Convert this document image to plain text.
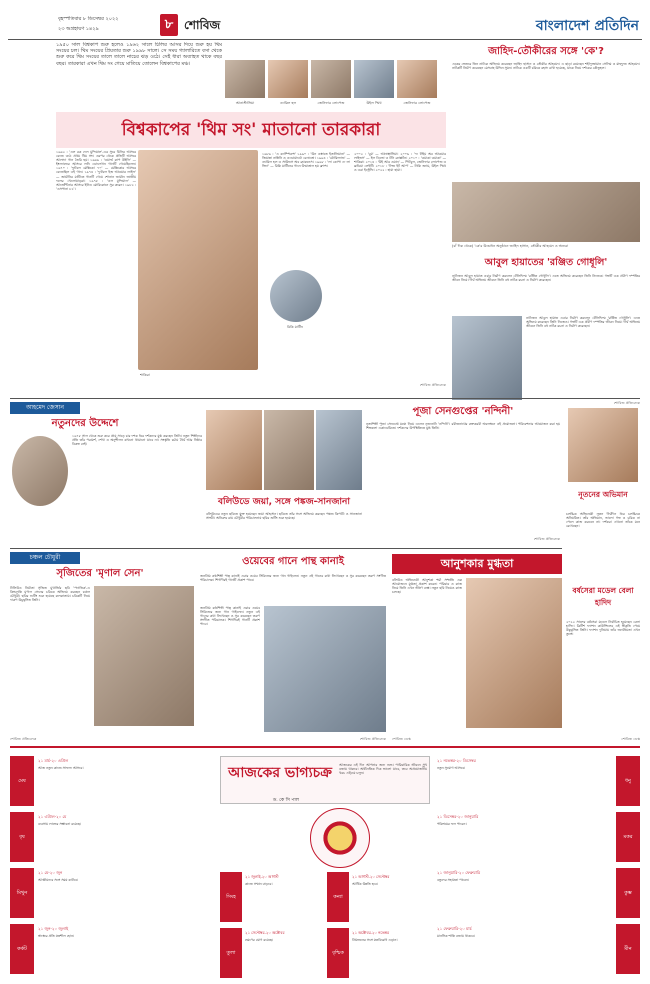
বৃহস্পতিবার ৮ ডিসেম্বর ২০২২
২৩ অগ্রহায়ণ ১৪২৯	৮ শোবিজ	বাংলাদেশ প্রতিদিন
১৯৫০ সাল বিশ্বকাপ শুরু হলেও ১৯৬২ সালে চিলির আসর দিয়ে শুরু হয় থিম সংয়ের চল। থিম সংয়ের প্রিয়তার শুরু ১৯৯৮ সালে। সে সময় গ্যালারিতে বসা থেকে শুরু করে থিম সংয়ের তালে তালে নাচের ঝড় ওঠে। সেই ধারা অব্যাহত থাকে বছর বছর। তারকারা এখন থিম সং গেয়ে মাতিয়ে তোলেন বিশ্বকাপের মঞ্চ।
আনাস্টাসিয়া	ড্যারিল হল	জেনিফার লোপেজ	উইল স্মিথ	জেনিফার লোপেজ
বিশ্বকাপের 'থিম সং' মাতানো তারকারা
১৯৬২ : 'এল রক দেল মুন্দিয়াল'-এর সুরে চিলির আসরে বেজে ওঠে প্রথম থিম সং। এরপর থেকে প্রতিটি আসরে আলাদা গান তৈরি হয়। ১৯৬৬ : 'ওয়ার্ল্ড কাপ উইলি' — ইংল্যান্ডের আসরে লনি ডোনেগান গানটি গেয়েছিলেন। ১৯৭০ : 'ফুটবল মেক্সিকো ৭০' — মেক্সিকোর আসরে বেজেছিল এই গান। ১৯৭৪ : 'ফুটবল ইজ আওয়ার লাইফ' — জার্মানির মাটিতে গানটি গেয়ে শোনান জার্মান জাতীয় দলের খেলোয়াড়রা। ১৯৭৮ : 'এল মুন্দিয়াল' — আর্জেন্টিনার আসরে ইনিও মোরিকোনে সুর করেন। ১৯৮২ : 'এসপানা ৮২'।
শাকিরা
১৯৮৬ : 'এ ক্যাম্পিওন্স' ১৯৯০ : 'উন এস্তাতে ইতালিয়ানা' — জিয়ান্না নান্নিনি ও এডোয়ার্ডো বেনাতো। ১৯৯৪ : 'গ্লোরিল্যান্ড' — ড্যারিল হল ও সাউন্ডস অব ব্ল্যাকনেস। ১৯৯৮ : 'লা কোপা দে লা ভিদা' — রিকি মার্টিনের গানে উন্মাতাল হয় ফ্রান্স।
রিকি মার্টিন
২০০২ : 'বুম' — আনাস্তাসিয়া। ২০০৬ : 'দ্য টাইম অব আওয়ার লাইভস' — ইল ডিভো ও টনি ব্র্যাক্সটন। ২০১০ : 'ওয়াকা ওয়াকা' — শাকিরা। ২০১৪ : 'উই আর ওয়ান' — পিটবুল, জেনিফার লোপেজ ও ক্লডিয়া লেইটি। ২০১৮ : 'লিভ ইট আপ' — নিকি জ্যাম, উইল স্মিথ ও এরা ইস্ট্রেফি। ২০২২ : হায়া হায়া।
শোবিজ প্রতিবেদক
জাহিদ-তৌকীরের সঙ্গে 'কে'?
একের ভেতরে তিন নাটকে অভিনয় করেছেন জাহিদ হাসান ও তৌকীর আহমেদ। এ ছাড়া রয়েছেন শহীদুজ্জামান সেলিম ও মাহফুজ আহমেদ। নাটকটি নির্মাণ করেছেন মেসবাহ উদ্দিন সুমন। নাটকে একটি চরিত্রে রহস্য রাখা হয়েছে, যাকে নিয়ে দর্শকের কৌতূহল।
(বাঁ দিক থেকে) 'কে'র উদ্বোধন অনুষ্ঠানে জাহিদ হাসান, তৌকীর আহমেদ ও অন্যরা
আবুল হায়াতের 'রঞ্জিত গোধূলি'
নাট্যজন আবুল হায়াত এবার নির্মাণ করলেন টেলিফিল্ম 'রঞ্জিত গোধূলি'। এতে অভিনয় করেছেন তিনি নিজেও। গল্পটি এক প্রবীণ দম্পতির জীবন নিয়ে। দীর্ঘ অভিনয় জীবনে তিনি বহু নাটক রচনা ও নির্মাণ করেছেন।
নাট্যজন আবুল হায়াত এবার নির্মাণ করলেন টেলিফিল্ম 'রঞ্জিত গোধূলি'। এতে অভিনয় করেছেন তিনি নিজেও। গল্পটি এক প্রবীণ দম্পতির জীবন নিয়ে। দীর্ঘ অভিনয় জীবনে তিনি বহু নাটক রচনা ও নির্মাণ করেছেন।
শোবিজ প্রতিবেদক
আহমেদ জেসান
নতুনদের উদ্দেশে
১৯৭৮ সাল থেকে শুরু করে প্রায় সাড়ে চার দশক ধরে দর্শকদের মুগ্ধ করছেন তিনি। নতুন শিল্পীদের প্রতি তাঁর পরামর্শ, শেখা ও অনুশীলন কখনো থামানো যাবে না। সংস্কৃতি চর্চায় ধৈর্য আর নিষ্ঠার বিকল্প নেই।
বলিউডে জয়া, সঙ্গে পঙ্কজ-সানজানা
বলিউডের নতুন ছবিতে যুক্ত হয়েছেন জয়া আহসান। ছবিতে তাঁর সঙ্গে অভিনয় করছেন পঙ্কজ ত্রিপাঠী ও সানজানা সাংঘী। অনিরুদ্ধ রায় চৌধুরীর পরিচালনায় ছবির শুটিং শুরু হয়েছে।
পূজা সেনগুপ্তের 'নন্দিনী'
নৃত্যশিল্পী পূজা সেনগুপ্ত মঞ্চে নিয়ে এলেন নৃত্যনাট্য 'নন্দিনী'। রবীন্দ্রনাথের রক্তকরবী অবলম্বনে এই প্রযোজনা। পরিবেশনার আয়োজন করা হয় শিল্পকলা একাডেমিতে। দর্শকদের উপস্থিতিতে মুগ্ধ তিনি।
শোবিজ প্রতিবেদক
নূতনের অভিমান
চলচ্চিত্র অভিনেত্রী নূতন দীর্ঘদিন ধরে চলচ্চিত্রে অনিয়মিত। তাঁর অভিমান, ভালো গল্প ও চরিত্র না পেলে কাজ করবেন না। দর্শকরা এখনো তাঁকে মনে রেখেছেন।
চঞ্চল চৌধুরী
সৃজিতের 'মৃণাল সেন'
টালিউড নির্মাতা সৃজিত মুখার্জির ছবি 'পদাতিক'-এ কিংবদন্তি মৃণাল সেনের চরিত্রে অভিনয় করছেন চঞ্চল চৌধুরী। ছবির শুটিং শুরু হয়েছে কলকাতায়। চরিত্রটি নিয়ে দারুণ উচ্ছ্বসিত তিনি।
শোবিজ প্রতিবেদক
ওয়েবের গানে পান্থ কানাই
জনপ্রিয় কণ্ঠশিল্পী পান্থ কানাই এবার ওয়েব সিরিজের জন্য গান গাইলেন। নতুন এই গানের কথা লিখেছেন ও সুর করেছেন তরুণ সংগীত পরিচালক। শিগগিরই গানটি প্রকাশ পাবে।
জনপ্রিয় কণ্ঠশিল্পী পান্থ কানাই এবার ওয়েব সিরিজের জন্য গান গাইলেন। নতুন এই গানের কথা লিখেছেন ও সুর করেছেন তরুণ সংগীত পরিচালক। শিগগিরই গানটি প্রকাশ পাবে।
শোবিজ প্রতিবেদক
আনুশকার মুগ্ধতা
বলিউড অভিনেত্রী আনুশকা শর্মা সম্প্রতি এক আয়োজনে মুগ্ধতা প্রকাশ করেন। পরিবার ও কাজ নিয়ে তিনি এখন ভীষণ ব্যস্ত। নতুন ছবি নিয়েও কাজ চলছে।
শোবিজ ডেস্ক
বর্ষসেরা মডেল বেলা হাদিদ
২০২২ সালের বর্ষসেরা মডেল নির্বাচিত হয়েছেন বেলা হাদিদ। ব্রিটিশ ফ্যাশন কাউন্সিলের এই স্বীকৃতি পেয়ে উচ্ছ্বসিত তিনি। ফ্যাশন দুনিয়ায় তাঁর জনপ্রিয়তা এখন তুঙ্গে।
শোবিজ ডেস্ক
আজকের ভাগ্যচক্র
ড. কে সি পাল
আজকের এই দিন আপনার জন্য শুভ। পারিবারিক জীবনে সুখ বজায় থাকবে। অর্থনৈতিক দিক ভালো যাবে, তবে অপ্রয়োজনীয় খরচ এড়িয়ে চলুন।
মেষ
২১ মার্চ-২০ এপ্রিল
আজ নতুন কাজে সাফল্য আসবে।
বৃষ
২১ এপ্রিল-২০ মে
ব্যবসায় লাভের সম্ভাবনা রয়েছে।
মিথুন
২১ মে-২০ জুন
আত্মীয়দের সঙ্গে সময় কাটবে।
কর্কট
২১ জুন-২০ জুলাই
স্বাস্থ্যের প্রতি যত্নশীল হোন।
সিংহ
২১ জুলাই-২০ আগস্ট
কাজে সম্মান বাড়বে।
কন্যা
২১ আগস্ট-২০ সেপ্টেম্বর
আর্থিক উন্নতি হবে।
তুলা
২১ সেপ্টেম্বর-২০ অক্টোবর
ভ্রমণের যোগ রয়েছে।
বৃশ্চিক
২১ অক্টোবর-২০ নভেম্বর
প্রিয়জনের সঙ্গে মতবিরোধ এড়ান।
ধনু
২১ নভেম্বর-২০ ডিসেম্বর
নতুন সুযোগ আসবে।
মকর
২১ ডিসেম্বর-২০ জানুয়ারি
পরিশ্রমের ফল পাবেন।
কুম্ভ
২১ জানুয়ারি-২০ ফেব্রুয়ারি
বন্ধুদের সহায়তা পাবেন।
মীন
২১ ফেব্রুয়ারি-২০ মার্চ
মানসিক শান্তি বজায় থাকবে।
